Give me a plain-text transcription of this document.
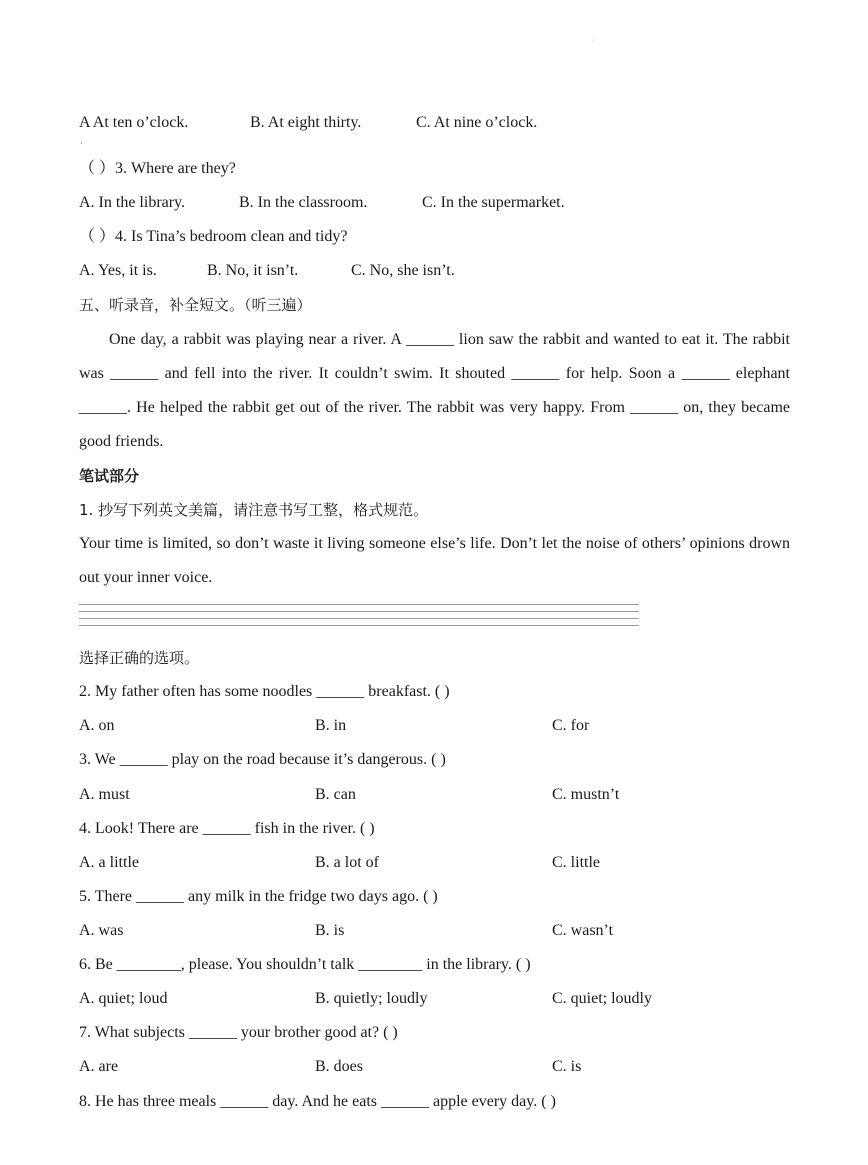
·
A At ten o’clock.	B. At eight thirty.	C. At nine o’clock.
·
（ ）3. Where are they?
A. In the library.	B. In the classroom.	C. In the supermarket.
（ ）4. Is Tina’s bedroom clean and tidy?
A. Yes, it is.	B. No, it isn’t.	C. No, she isn’t.
五、听录音，补全短文。（听三遍）
One day, a rabbit was playing near a river. A ______ lion saw the rabbit and wanted to eat it. The rabbit was ______ and fell into the river. It couldn’t swim. It shouted ______ for help. Soon a ______ elephant ______. He helped the rabbit get out of the river. The rabbit was very happy. From ______ on, they became good friends.
笔试部分
1. 抄写下列英文美篇，请注意书写工整，格式规范。
Your time is limited, so don’t waste it living someone else’s life. Don’t let the noise of others’ opinions drown out your inner voice.
选择正确的选项。
2. My father often has some noodles ______ breakfast. ( )
A. on	B. in	C. for
3. We ______ play on the road because it’s dangerous. ( )
A. must	B. can	C. mustn’t
4. Look! There are ______ fish in the river. ( )
A. a little	B. a lot of	C. little
5. There ______ any milk in the fridge two days ago. ( )
A. was	B. is	C. wasn’t
6. Be ________, please. You shouldn’t talk ________ in the library. ( )
A. quiet; loud	B. quietly; loudly	C. quiet; loudly
7. What subjects ______ your brother good at? ( )
A. are	B. does	C. is
8. He has three meals ______ day. And he eats ______ apple every day. ( )
